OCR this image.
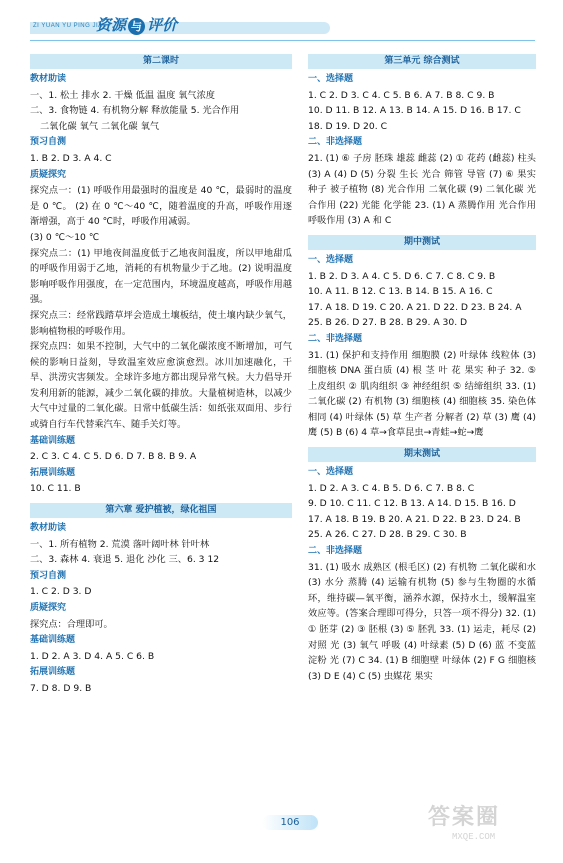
ZI YUAN YU PING JIA
资源 与 评价
第二课时
教材助读
一、1. 松土 排水 2. 干燥 低温 温度 氧气浓度
二、3. 食物链 4. 有机物分解 释放能量 5. 光合作用
二氧化碳 氧气 二氧化碳 氧气
预习自测
1. B 2. D 3. A 4. C
质疑探究
探究点一：(1) 呼吸作用最强时的温度是 40 ℃，最弱时的温度是 0 ℃。 (2) 在 0 ℃～40 ℃，随着温度的升高，呼吸作用逐渐增强，高于 40 ℃时，呼吸作用减弱。
(3) 0 ℃～10 ℃
探究点二：(1) 甲地夜间温度低于乙地夜间温度，所以甲地甜瓜的呼吸作用弱于乙地，消耗的有机物量少于乙地。(2) 说明温度影响呼吸作用强度，在一定范围内，环境温度越高，呼吸作用越强。
探究点三：经常践踏草坪会造成土壤板结，使土壤内缺少氧气，影响植物根的呼吸作用。
探究点四：如果不控制，大气中的二氧化碳浓度不断增加，可气候的影响日益刻，导致温室效应愈演愈烈。冰川加速融化，干旱、洪涝灾害频发。全球许多地方都出现异常气候。大力倡导开发利用新的能源，减少二氧化碳的排放。大量植树造林，以减少大气中过量的二氧化碳。日常中低碳生活：如纸张双面用、步行或骑自行车代替乘汽车、随手关灯等。
基础训练题
2. C 3. C 4. C 5. D 6. D 7. B 8. B 9. A
拓展训练题
10. C 11. B
第六章 爱护植被，绿化祖国
教材助读
一、1. 所有植物 2. 荒漠 落叶阔叶林 针叶林
二、3. 森林 4. 衰退 5. 退化 沙化 三、6. 3 12
预习自测
1. C 2. D 3. D
质疑探究
探究点：合理即可。
基础训练题
1. D 2. A 3. D 4. A 5. C 6. B
拓展训练题
7. D 8. D 9. B
第三单元 综合测试
一、选择题
1. C 2. D 3. C 4. C 5. B 6. A 7. B 8. C 9. B
10. D 11. B 12. A 13. B 14. A 15. D 16. B 17. C
18. D 19. D 20. C
二、非选择题
21. (1) ⑥ 子房 胚珠 雄蕊 雌蕊 (2) ① 花药 (雌蕊) 柱头 (3) A (4) D (5) 分裂 生长 光合 筛管 导管 (7) ⑥ 果实 种子 被子植物 (8) 光合作用 二氧化碳 (9) 二氧化碳 光合作用 (22) 光能 化学能 23. (1) A 蒸腾作用 光合作用 呼吸作用 (3) A 和 C
期中测试
一、选择题
1. B 2. D 3. A 4. C 5. D 6. C 7. C 8. C 9. B
10. A 11. B 12. C 13. B 14. B 15. A 16. C
17. A 18. D 19. C 20. A 21. D 22. D 23. B 24. A
25. B 26. D 27. B 28. B 29. A 30. D
二、非选择题
31. (1) 保护和支持作用 细胞膜 (2) 叶绿体 线粒体 (3) 细胞核 DNA 蛋白质 (4) 根 茎 叶 花 果实 种子 32. ⑤ 上皮组织 ② 肌肉组织 ③ 神经组织 ⑤ 结缔组织 33. (1) 二氧化碳 (2) 有机物 (3) 细胞核 (4) 细胞核 35. 染色体 相同 (4) 叶绿体 (5) 草 生产者 分解者 (2) 草 (3) 鹰 (4) 鹰 (5) B (6) 4 草→食草昆虫→青蛙→蛇→鹰
期末测试
一、选择题
1. D 2. A 3. C 4. B 5. D 6. C 7. B 8. C
9. D 10. C 11. C 12. B 13. A 14. D 15. B 16. D
17. A 18. B 19. B 20. A 21. D 22. B 23. D 24. B
25. A 26. C 27. D 28. B 29. C 30. B
二、非选择题
31. (1) 吸水 成熟区 (根毛区) (2) 有机物 二氧化碳和水 (3) 水分 蒸腾 (4) 运输有机物 (5) 参与生物圈的水循环，维持碳—氧平衡，涵养水源，保持水土，缓解温室效应等。(答案合理即可得分，只答一项不得分) 32. (1) ① 胚芽 (2) ③ 胚根 (3) ⑤ 胚乳 33. (1) 运走，耗尽 (2) 对照 光 (3) 氧气 呼吸 (4) 叶绿素 (5) D (6) 蓝 不变蓝 淀粉 光 (7) C 34. (1) B 细胞壁 叶绿体 (2) F G 细胞核 (3) D E (4) C (5) 虫媒花 果实
106	答案圈
MXQE.COM
